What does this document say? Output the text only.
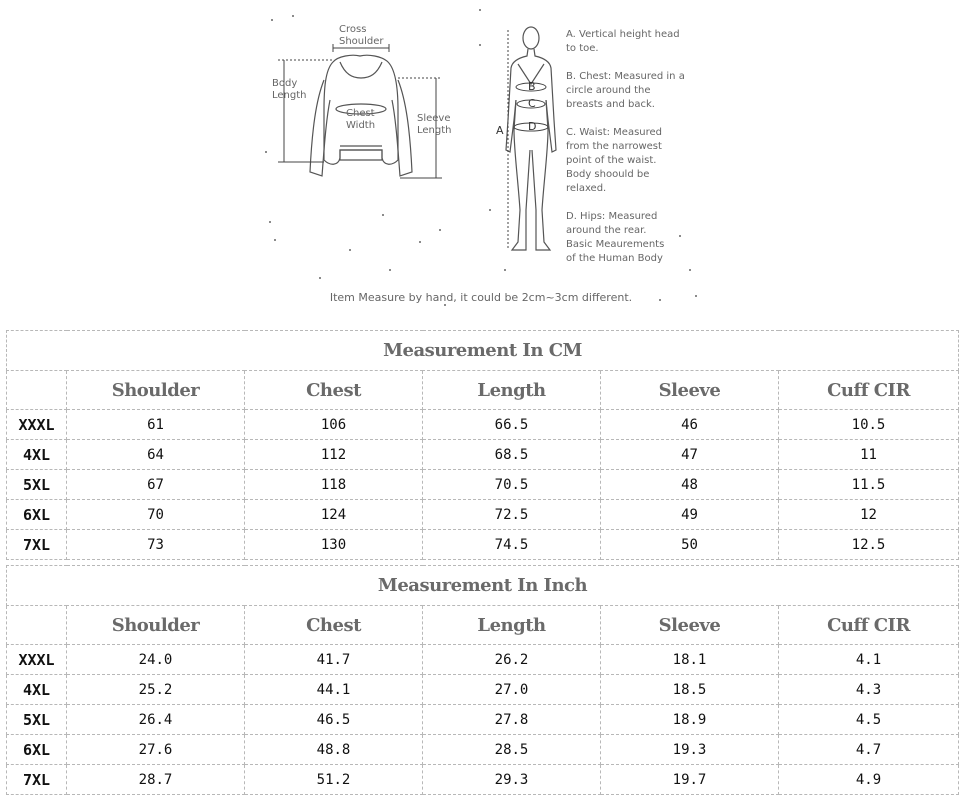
Cross
Shoulder
Body
Length
Chest
Width
Sleeve
Length	A
B
C
D
A. Vertical height head
to toe.
B. Chest: Measured in a
circle around the
breasts and back.
C. Waist: Measured
from the narrowest
point of the waist.
Body shoould be
relaxed.
D. Hips: Measured
around the rear.
Basic Meaurements
of the Human Body
Item Measure by hand, it could be 2cm~3cm different.
Measurement In CM					
	Shoulder	Chest	Length	Sleeve	Cuff CIR
XXXL	61	106	66.5	46	10.5
4XL	64	112	68.5	47	11
5XL	67	118	70.5	48	11.5
6XL	70	124	72.5	49	12
7XL	73	130	74.5	50	12.5
Measurement In Inch					
	Shoulder	Chest	Length	Sleeve	Cuff CIR
XXXL	24.0	41.7	26.2	18.1	4.1
4XL	25.2	44.1	27.0	18.5	4.3
5XL	26.4	46.5	27.8	18.9	4.5
6XL	27.6	48.8	28.5	19.3	4.7
7XL	28.7	51.2	29.3	19.7	4.9
